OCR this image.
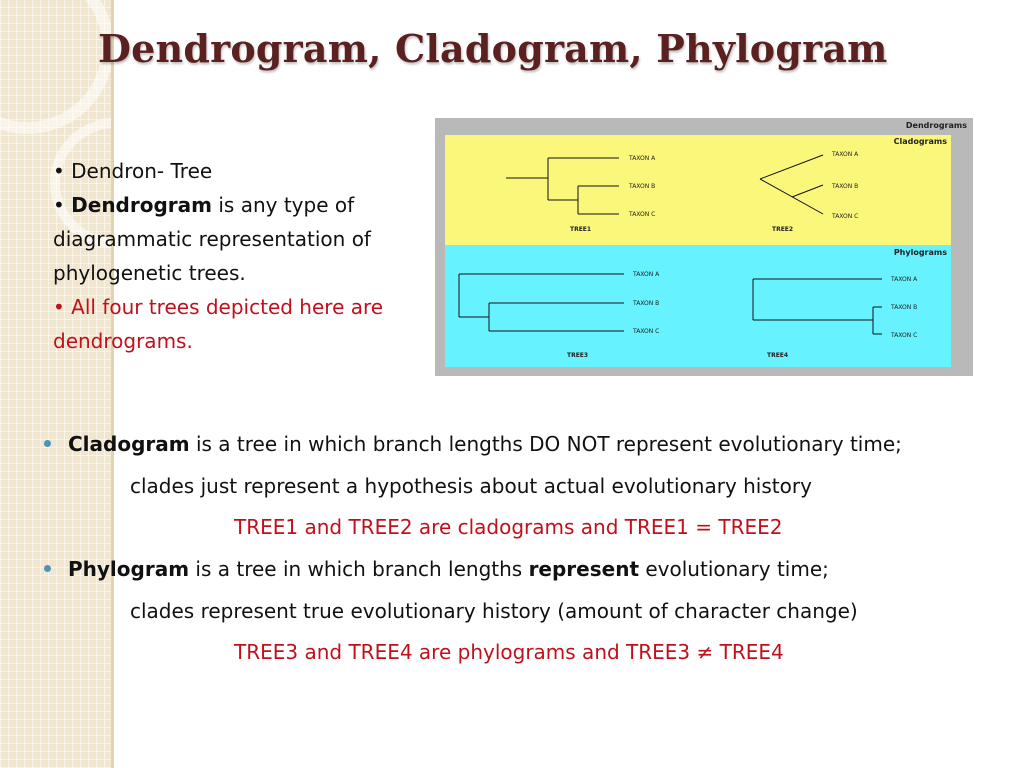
Dendrogram, Cladogram, Phylogram

• Dendron- Tree

• Dendrogram is any type of diagrammatic representation of phylogenetic trees.

• All four trees depicted here are dendrograms.

Dendrograms
Cladograms
Phylograms
TAXON A
TAXON B
TAXON C
TREE1
TAXON A
TAXON B
TAXON C
TREE2
TAXON A
TAXON B
TAXON C
TREE3
TAXON A
TAXON B
TAXON C
TREE4
Cladogram is a tree in which branch lengths DO NOT represent evolutionary time;
clades just represent a hypothesis about actual evolutionary history
TREE1 and TREE2 are cladograms and TREE1 = TREE2
Phylogram is a tree in which branch lengths represent evolutionary time;
clades represent true evolutionary history (amount of character change)
TREE3 and TREE4 are phylograms and TREE3 ≠ TREE4
